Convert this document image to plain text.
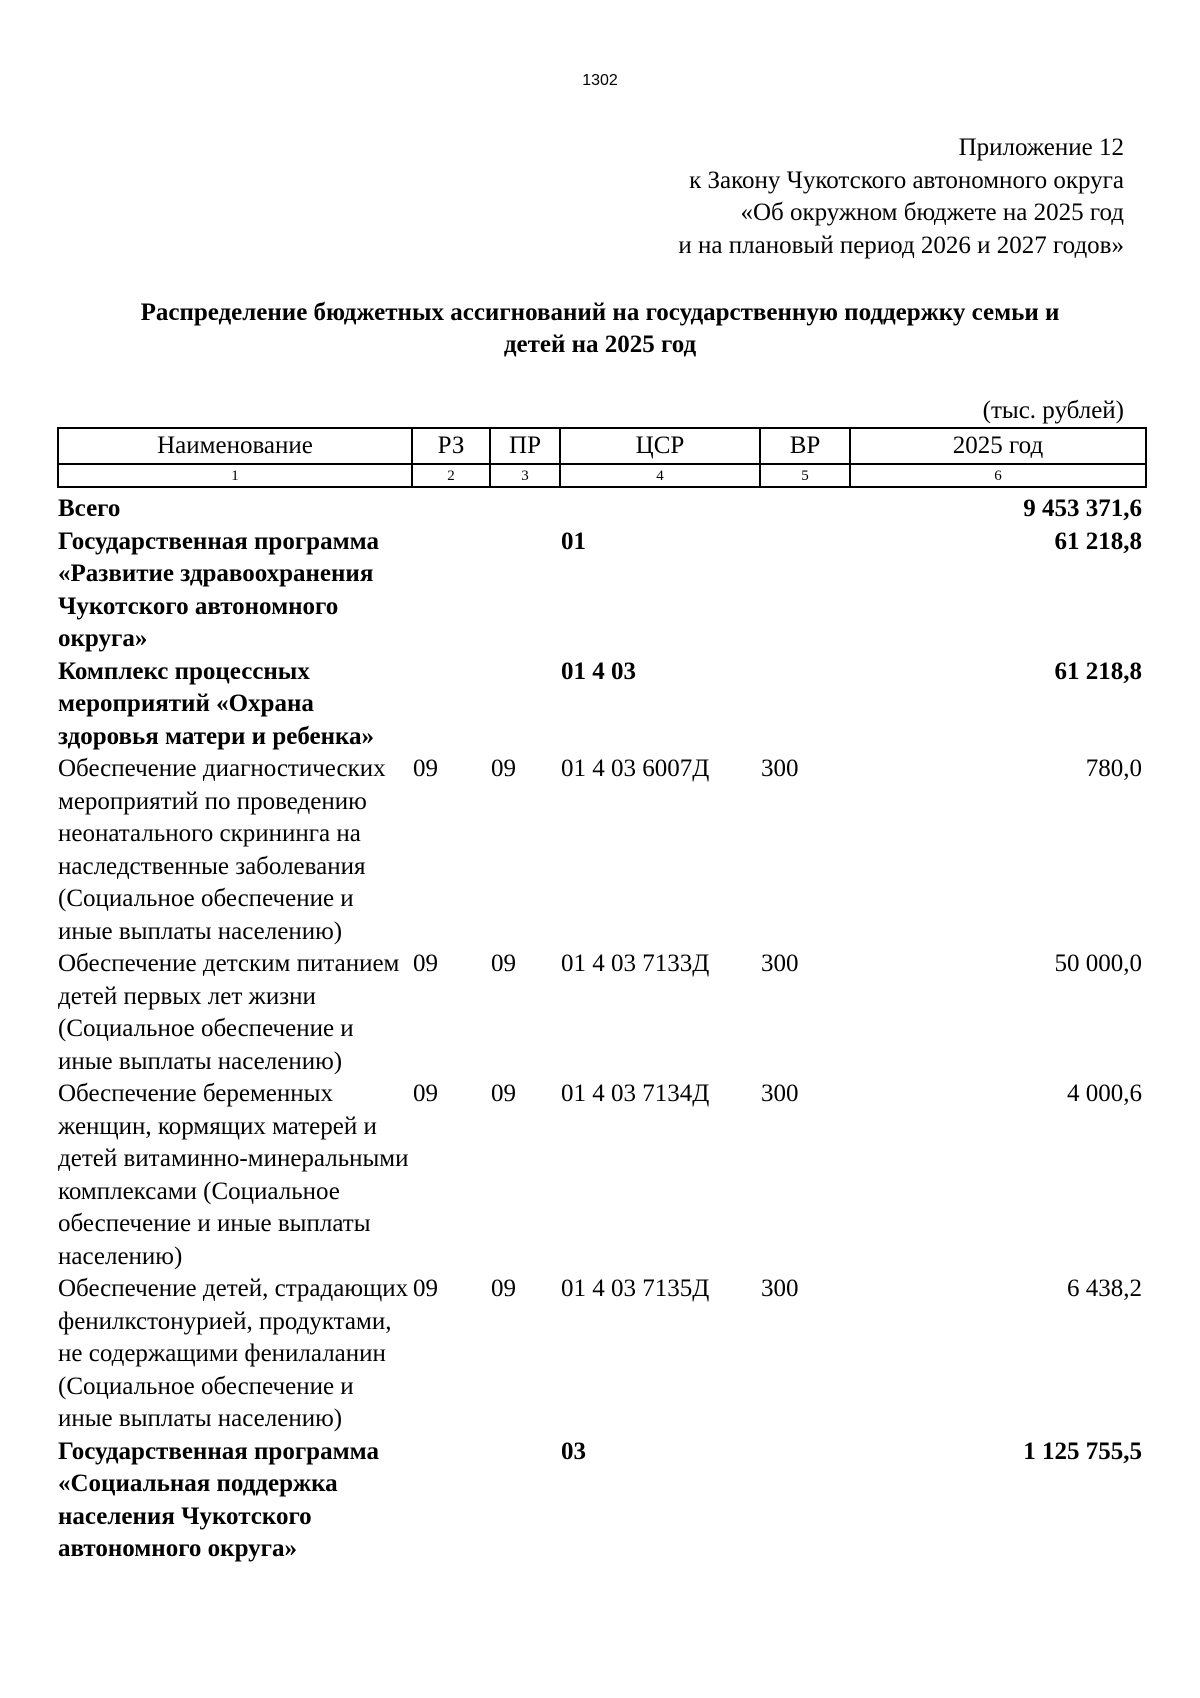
1302
Приложение 12
к Закону Чукотского автономного округа
«Об окружном бюджете на 2025 год
и на плановый период 2026 и 2027 годов»
Распределение бюджетных ассигнований на государственную поддержку семьи и
детей на 2025 год
(тыс. рублей)
Наименование	РЗ	ПР	ЦСР	ВР	2025 год
1	2	3	4	5	6
Всего					9 453 371,6
Государственная программа «Развитие здравоохранения Чукотского автономного округа»			01		61 218,8
Комплекс процессных мероприятий «Охрана здоровья матери и ребенка»			01 4 03		61 218,8
Обеспечение диагностических мероприятий по проведению неонатального скрининга на наследственные заболевания (Социальное обеспечение и иные выплаты населению)	09	09	01 4 03 6007Д	300	780,0
Обеспечение детским питанием детей первых лет жизни (Социальное обеспечение и иные выплаты населению)	09	09	01 4 03 7133Д	300	50 000,0
Обеспечение беременных женщин, кормящих матерей и детей витаминно-минеральными комплексами (Социальное обеспечение и иные выплаты населению)	09	09	01 4 03 7134Д	300	4 000,6
Обеспечение детей, страдающих фенилкстонурией, продуктами, не содержащими фенилаланин (Социальное обеспечение и иные выплаты населению)	09	09	01 4 03 7135Д	300	6 438,2
Государственная программа «Социальная поддержка населения Чукотского автономного округа»			03		1 125 755,5
